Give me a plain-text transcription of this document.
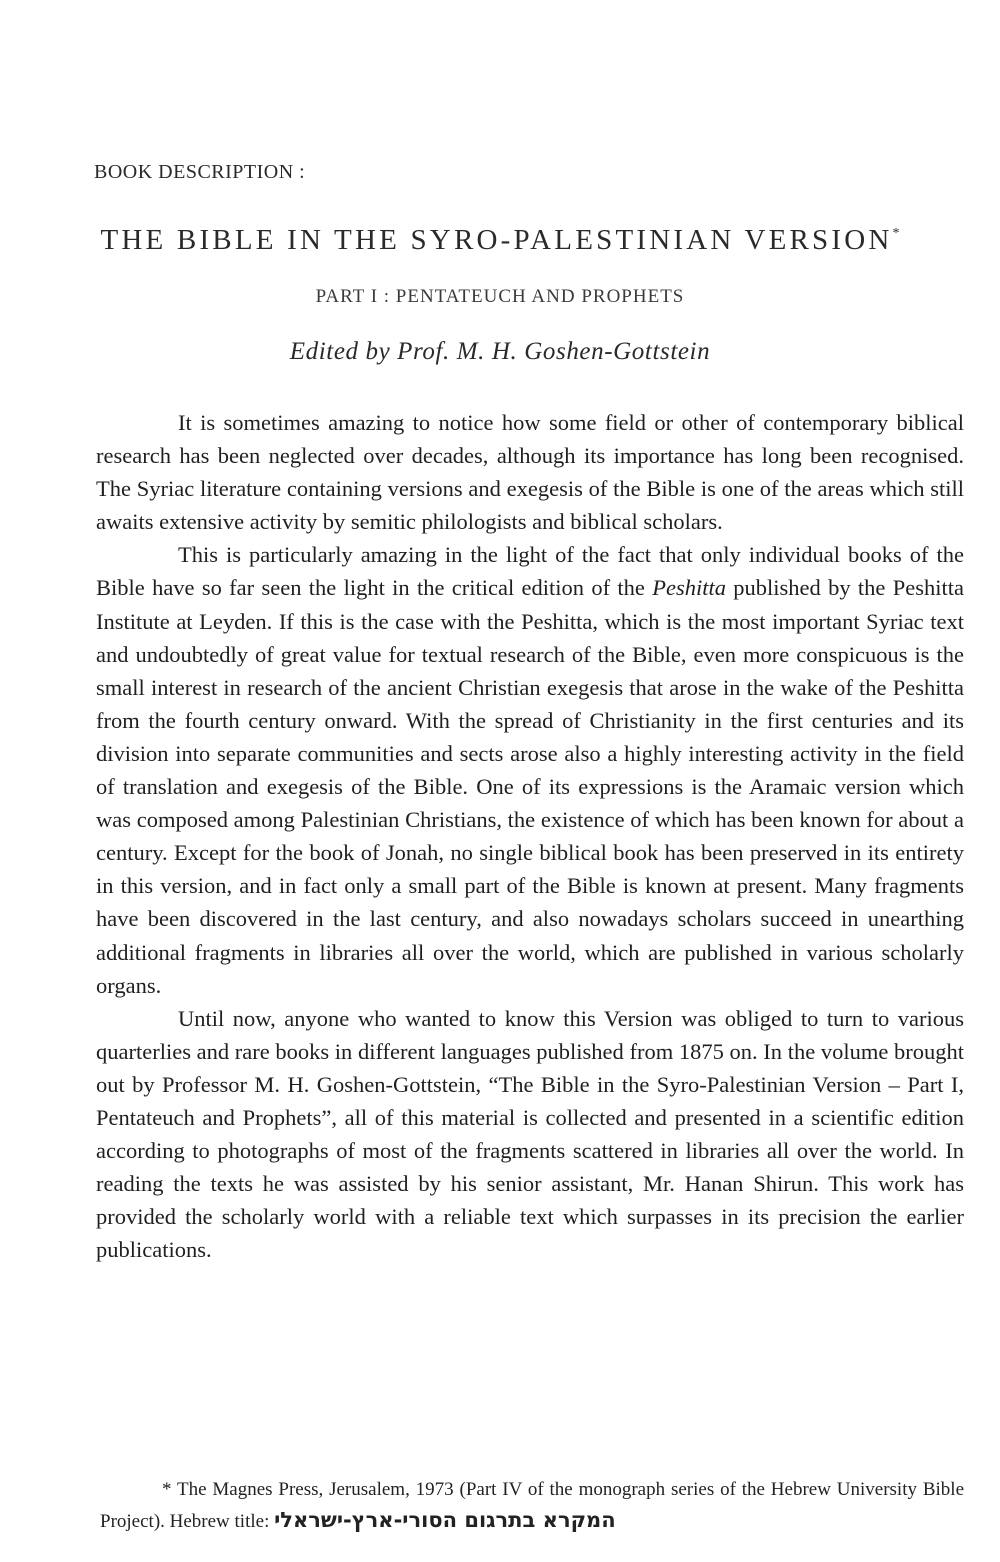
BOOK DESCRIPTION :
THE BIBLE IN THE SYRO-PALESTINIAN VERSION*
PART I : PENTATEUCH AND PROPHETS
Edited by Prof. M. H. Goshen-Gottstein

It is sometimes amazing to notice how some field or other of contemporary biblical research has been neglected over decades, although its importance has long been recognised. The Syriac literature containing versions and exegesis of the Bible is one of the areas which still awaits extensive activity by semitic philologists and biblical scholars.

This is particularly amazing in the light of the fact that only individual books of the Bible have so far seen the light in the critical edition of the Peshitta published by the Peshitta Institute at Leyden. If this is the case with the Peshitta, which is the most important Syriac text and undoubtedly of great value for textual research of the Bible, even more conspicuous is the small interest in research of the ancient Christian exegesis that arose in the wake of the Peshitta from the fourth century onward. With the spread of Christianity in the first centuries and its division into separate communities and sects arose also a highly interesting activity in the field of translation and exegesis of the Bible. One of its expressions is the Aramaic version which was composed among Palestinian Christians, the existence of which has been known for about a century. Except for the book of Jonah, no single biblical book has been preserved in its entirety in this version, and in fact only a small part of the Bible is known at present. Many fragments have been discovered in the last century, and also nowadays scholars succeed in unearthing additional fragments in libraries all over the world, which are published in various scholarly organs.

Until now, anyone who wanted to know this Version was obliged to turn to various quarterlies and rare books in different languages published from 1875 on. In the volume brought out by Professor M. H. Goshen-Gottstein, “The Bible in the Syro-Palestinian Version – Part I, Pentateuch and Prophets”, all of this material is collected and presented in a scientific edition according to photographs of most of the fragments scattered in libraries all over the world. In reading the texts he was assisted by his senior assistant, Mr. Hanan Shirun. This work has provided the scholarly world with a reliable text which surpasses in its precision the earlier publications.

* The Magnes Press, Jerusalem, 1973 (Part IV of the monograph series of the Hebrew University Bible Project). Hebrew title: המקרא בתרגום הסורי-ארץ-ישראלי
